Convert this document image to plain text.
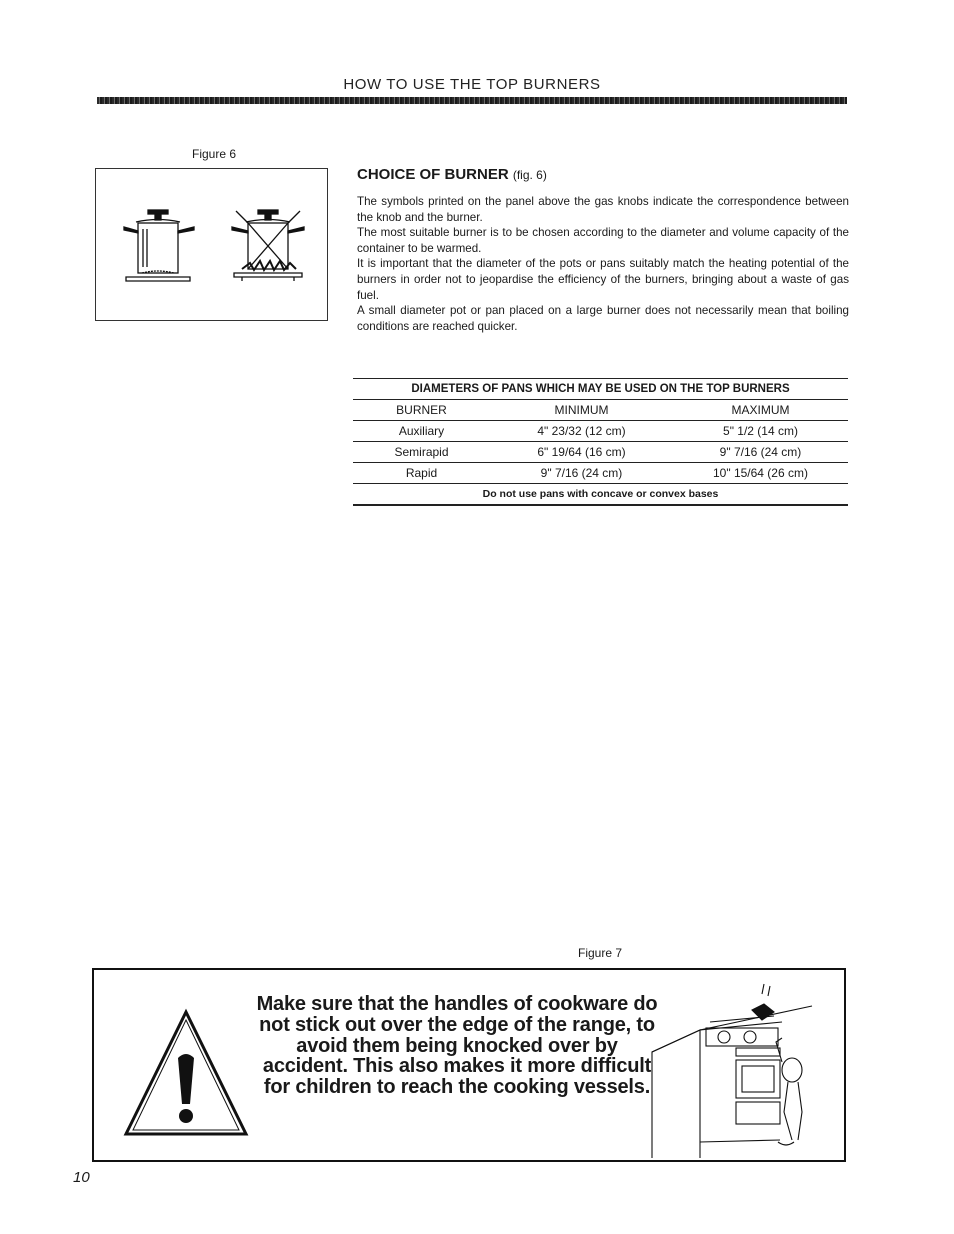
HOW TO USE THE TOP BURNERS
Figure 6
CHOICE OF BURNER (fig. 6)

The symbols printed on the panel above the gas knobs indicate the correspondence between the knob and the burner.

The most suitable burner is to be chosen according to the diameter and volume capacity of the container to be warmed.

It is important that the diameter of the pots or pans suitably match the heating potential of the burners in order not to jeopardise the efficiency of the burners, bringing about a waste of gas fuel.

A small diameter pot or pan placed on a large burner does not necessarily mean that boiling conditions are reached quicker.

DIAMETERS OF PANS WHICH MAY BE USED ON THE TOP BURNERS		
BURNER	MINIMUM	MAXIMUM
Auxiliary	4" 23/32 (12 cm)	5" 1/2 (14 cm)
Semirapid	6" 19/64 (16 cm)	9" 7/16 (24 cm)
Rapid	9" 7/16 (24 cm)	10" 15/64 (26 cm)
Do not use pans with concave or convex bases		
Figure 7
Make sure that the handles of cookware do not stick out over the edge of the range, to avoid them being knocked over by accident. This also makes it more difficult for children to reach the cooking vessels.
10
